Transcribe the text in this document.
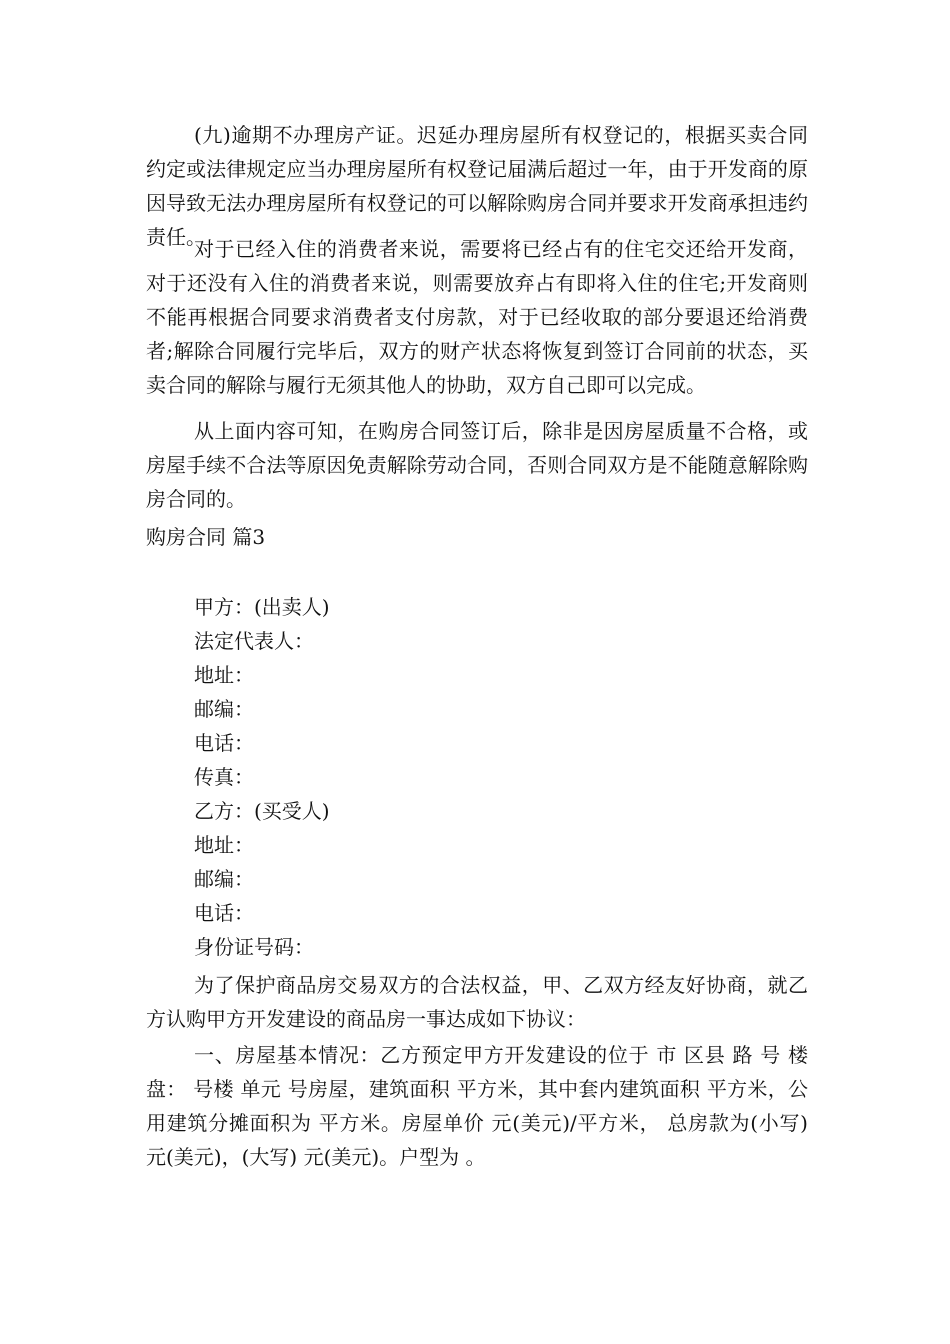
(九)逾期不办理房产证。迟延办理房屋所有权登记的，根据买卖合同约定或法律规定应当办理房屋所有权登记届满后超过一年，由于开发商的原因导致无法办理房屋所有权登记的可以解除购房合同并要求开发商承担违约责任。

对于已经入住的消费者来说，需要将已经占有的住宅交还给开发商，对于还没有入住的消费者来说，则需要放弃占有即将入住的住宅;开发商则不能再根据合同要求消费者支付房款，对于已经收取的部分要退还给消费者;解除合同履行完毕后，双方的财产状态将恢复到签订合同前的状态，买卖合同的解除与履行无须其他人的协助，双方自己即可以完成。

从上面内容可知，在购房合同签订后，除非是因房屋质量不合格，或房屋手续不合法等原因免责解除劳动合同，否则合同双方是不能随意解除购房合同的。

购房合同 篇3

甲方：(出卖人)

法定代表人：

地址：

邮编：

电话：

传真：

乙方：(买受人)

地址：

邮编：

电话：

身份证号码：

为了保护商品房交易双方的合法权益，甲、乙双方经友好协商，就乙方认购甲方开发建设的商品房一事达成如下协议：

一、房屋基本情况：乙方预定甲方开发建设的位于 市 区县 路 号 楼盘： 号楼 单元 号房屋，建筑面积 平方米，其中套内建筑面积 平方米，公用建筑分摊面积为 平方米。房屋单价 元(美元)/平方米， 总房款为(小写) 元(美元)，(大写) 元(美元)。户型为 。
